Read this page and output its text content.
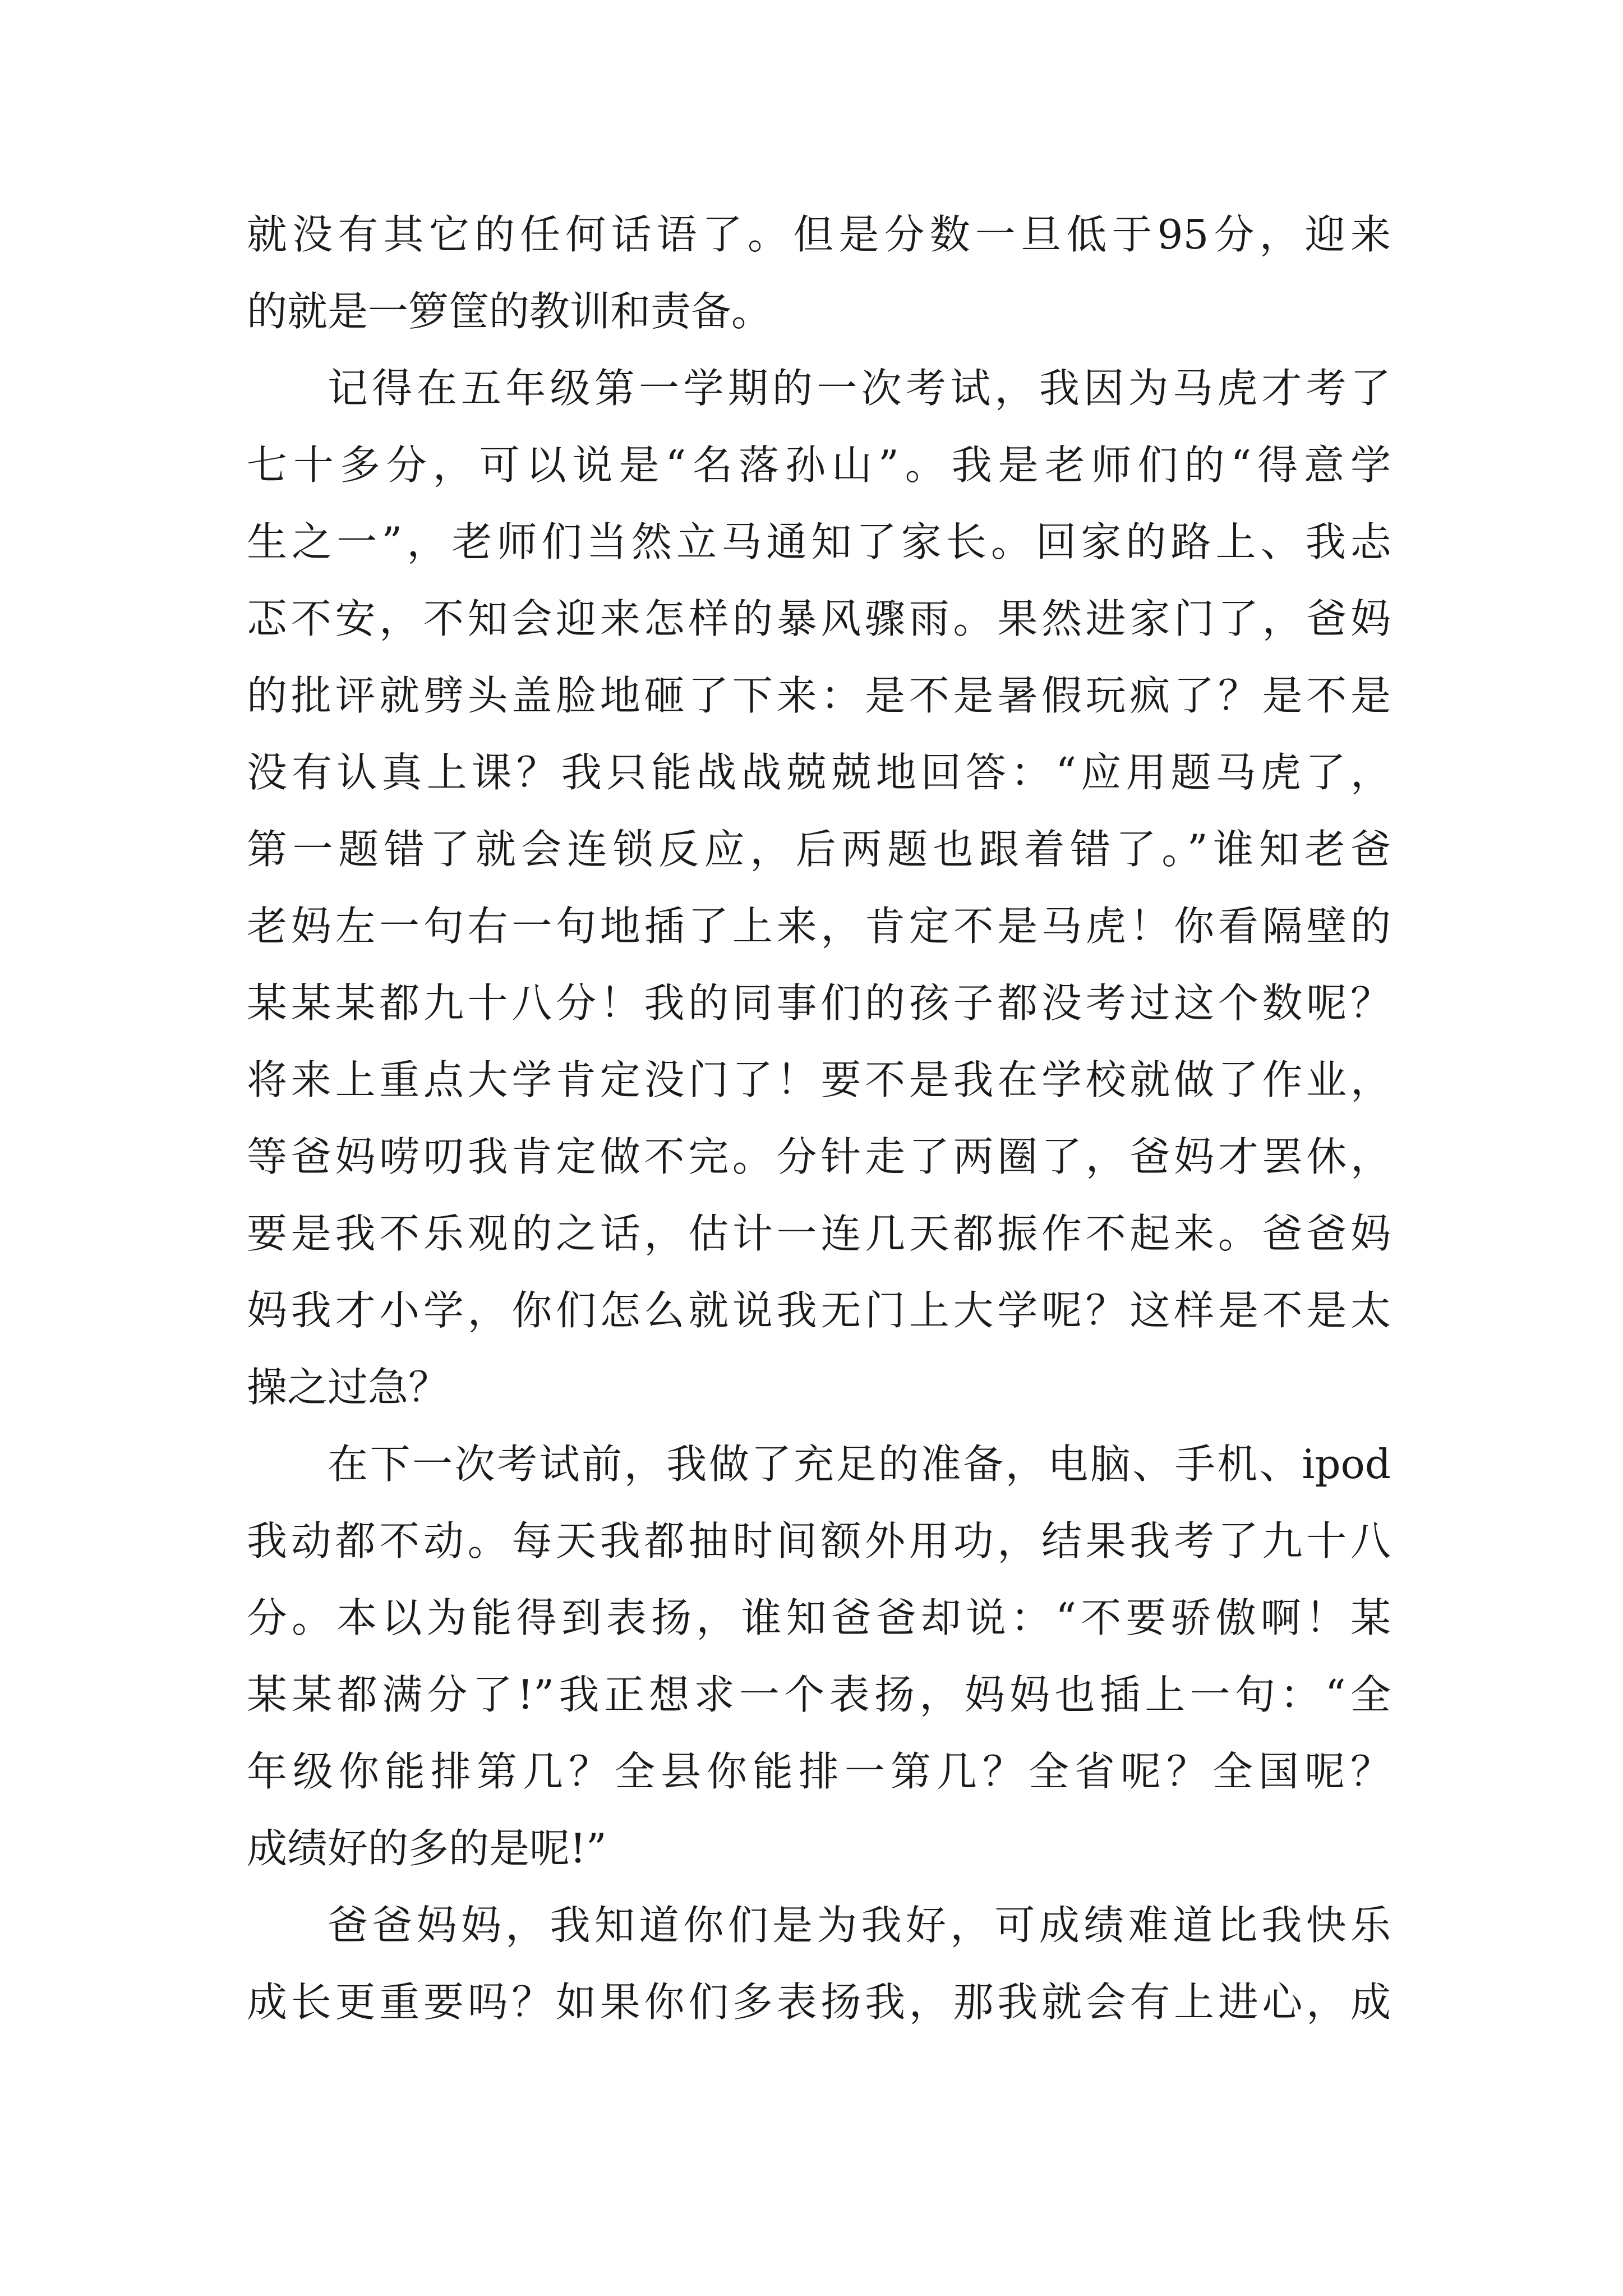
就没有其它的任何话语了。但是分数一旦低于95分，迎来
的就是一箩筐的教训和责备。
记得在五年级第一学期的一次考试，我因为马虎才考了
七十多分，可以说是“名落孙山”。我是老师们的“得意学
生之一”，老师们当然立马通知了家长。回家的路上、我忐
忑不安，不知会迎来怎样的暴风骤雨。果然进家门了，爸妈
的批评就劈头盖脸地砸了下来：是不是暑假玩疯了？是不是
没有认真上课？我只能战战兢兢地回答：“应用题马虎了，
第一题错了就会连锁反应，后两题也跟着错了。”谁知老爸
老妈左一句右一句地插了上来，肯定不是马虎！你看隔壁的
某某某都九十八分！我的同事们的孩子都没考过这个数呢？
将来上重点大学肯定没门了！要不是我在学校就做了作业，
等爸妈唠叨我肯定做不完。分针走了两圈了，爸妈才罢休，
要是我不乐观的之话，估计一连几天都振作不起来。爸爸妈
妈我才小学，你们怎么就说我无门上大学呢？这样是不是太
操之过急？
在下一次考试前，我做了充足的准备，电脑、手机、ipod
我动都不动。每天我都抽时间额外用功，结果我考了九十八
分。本以为能得到表扬，谁知爸爸却说：“不要骄傲啊！某
某某都满分了!”我正想求一个表扬，妈妈也插上一句：“全
年级你能排第几？全县你能排一第几？全省呢？全国呢？
成绩好的多的是呢!”
爸爸妈妈，我知道你们是为我好，可成绩难道比我快乐
成长更重要吗？如果你们多表扬我，那我就会有上进心，成
